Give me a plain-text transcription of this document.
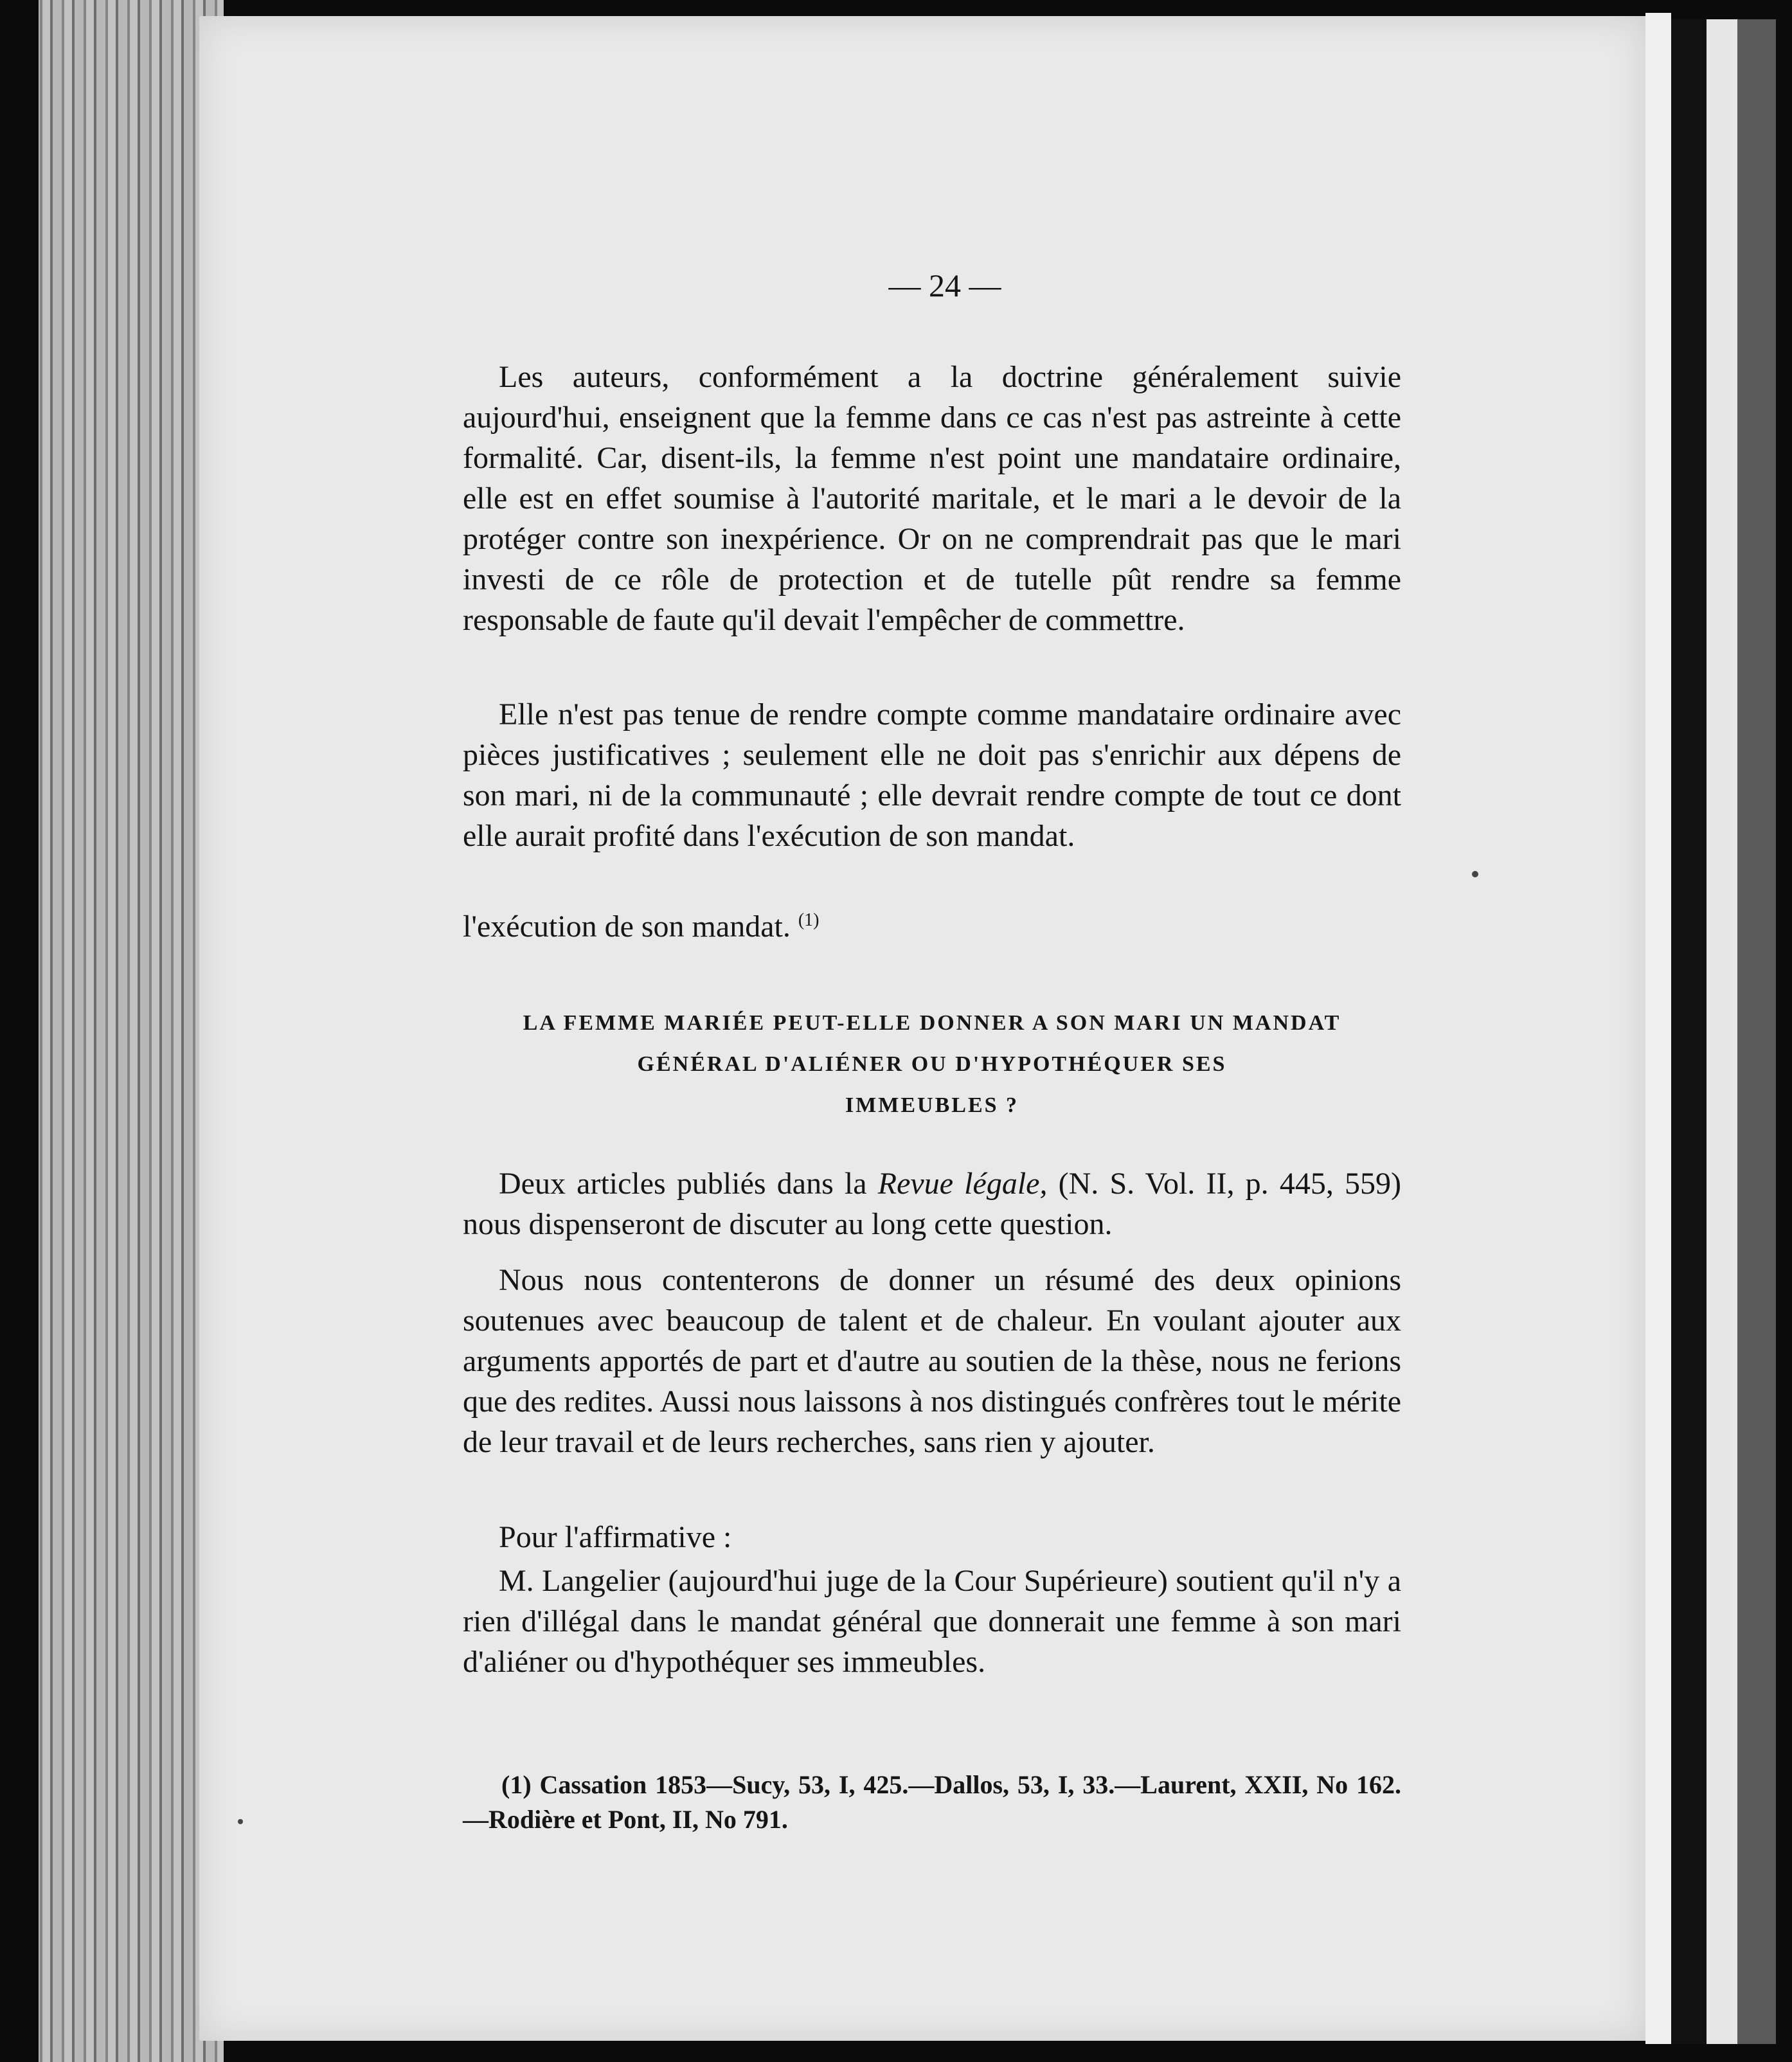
— 24 —
Les auteurs, conformément a la doctrine généralement suivie aujourd'hui, enseignent que la femme dans ce cas n'est pas astreinte à cette formalité. Car, disent-ils, la femme n'est point une mandataire ordinaire, elle est en effet soumise à l'autorité maritale, et le mari a le devoir de la protéger contre son inexpérience. Or on ne comprendrait pas que le mari investi de ce rôle de protection et de tutelle pût rendre sa femme responsable de faute qu'il devait l'empêcher de commettre.
Elle n'est pas tenue de rendre compte comme mandataire ordinaire avec pièces justificatives ; seulement elle ne doit pas s'enrichir aux dépens de son mari, ni de la communauté ; elle devrait rendre compte de tout ce dont elle aurait profité dans l'exécution de son mandat.
l'exécution de son mandat. $^{(1)}$
LA FEMME MARIÉE PEUT-ELLE DONNER A SON MARI UN MANDAT
GÉNÉRAL D'ALIÉNER OU D'HYPOTHÉQUER SES
IMMEUBLES ?
Deux articles publiés dans la Revue légale, (N. S. Vol. II, p. 445, 559) nous dispenseront de discuter au long cette question.
Nous nous contenterons de donner un résumé des deux opinions soutenues avec beaucoup de talent et de chaleur. En voulant ajouter aux arguments apportés de part et d'autre au soutien de la thèse, nous ne ferions que des redites. Aussi nous laissons à nos distingués confrères tout le mérite de leur travail et de leurs recherches, sans rien y ajouter.
Pour l'affirmative :
M. Langelier (aujourd'hui juge de la Cour Supérieure) soutient qu'il n'y a rien d'illégal dans le mandat général que donnerait une femme à son mari d'aliéner ou d'hypothéquer ses immeubles.
(1) Cassation 1853—Sucy, 53, I, 425.—Dallos, 53, I, 33.—Laurent, XXII, No 162.—Rodière et Pont, II, No 791.
